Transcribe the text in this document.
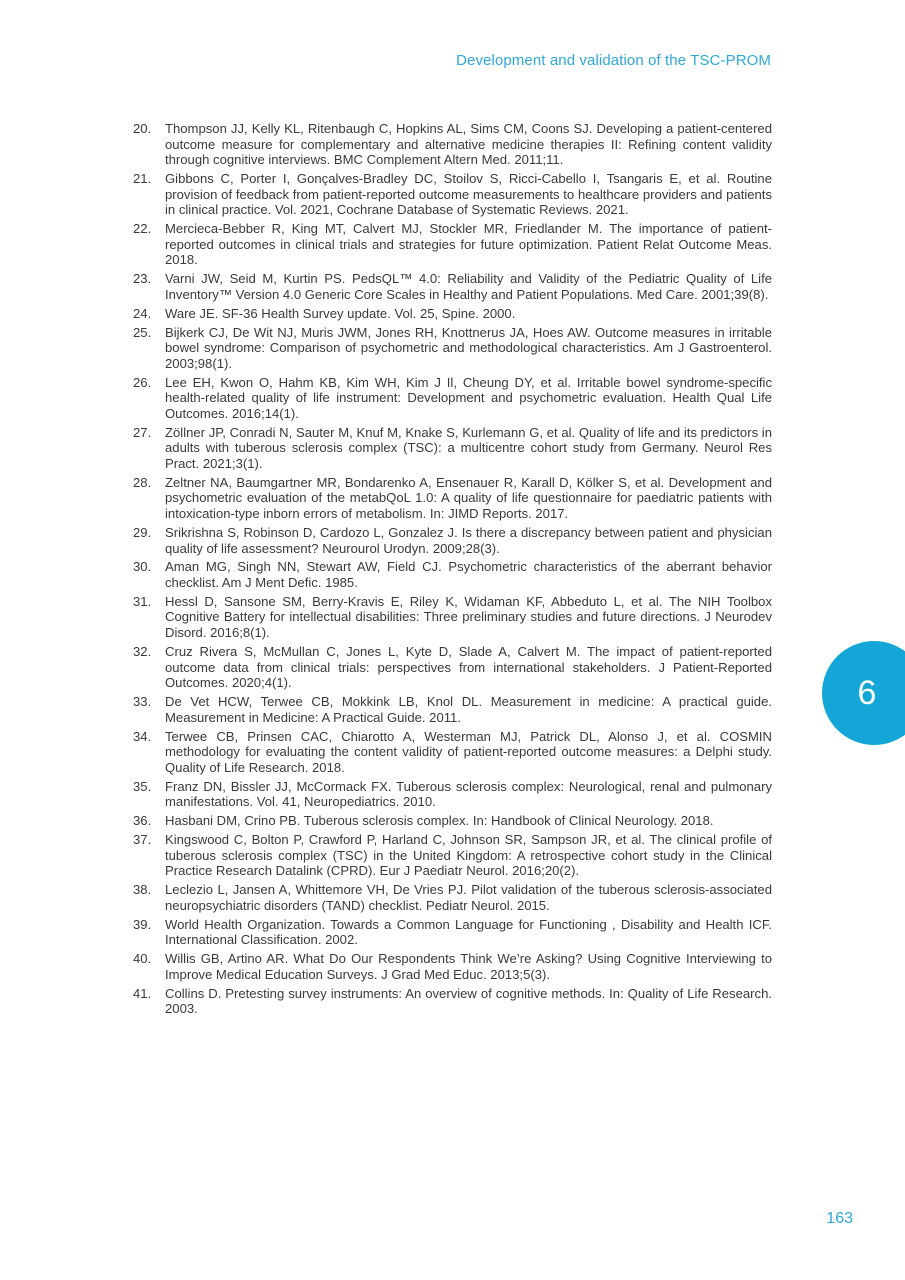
Development and validation of the TSC-PROM
20.	Thompson JJ, Kelly KL, Ritenbaugh C, Hopkins AL, Sims CM, Coons SJ. Developing a patient-centered outcome measure for complementary and alternative medicine therapies II: Refining content validity through cognitive interviews. BMC Complement Altern Med. 2011;11.
21.	Gibbons C, Porter I, Gonçalves-Bradley DC, Stoilov S, Ricci-Cabello I, Tsangaris E, et al. Routine provision of feedback from patient-reported outcome measurements to healthcare providers and patients in clinical practice. Vol. 2021, Cochrane Database of Systematic Reviews. 2021.
22.	Mercieca-Bebber R, King MT, Calvert MJ, Stockler MR, Friedlander M. The importance of patient-reported outcomes in clinical trials and strategies for future optimization. Patient Relat Outcome Meas. 2018.
23.	Varni JW, Seid M, Kurtin PS. PedsQL™ 4.0: Reliability and Validity of the Pediatric Quality of Life Inventory™ Version 4.0 Generic Core Scales in Healthy and Patient Populations. Med Care. 2001;39(8).
24.	Ware JE. SF-36 Health Survey update. Vol. 25, Spine. 2000.
25.	Bijkerk CJ, De Wit NJ, Muris JWM, Jones RH, Knottnerus JA, Hoes AW. Outcome measures in irritable bowel syndrome: Comparison of psychometric and methodological characteristics. Am J Gastroenterol. 2003;98(1).
26.	Lee EH, Kwon O, Hahm KB, Kim WH, Kim J Il, Cheung DY, et al. Irritable bowel syndrome-specific health-related quality of life instrument: Development and psychometric evaluation. Health Qual Life Outcomes. 2016;14(1).
27.	Zöllner JP, Conradi N, Sauter M, Knuf M, Knake S, Kurlemann G, et al. Quality of life and its predictors in adults with tuberous sclerosis complex (TSC): a multicentre cohort study from Germany. Neurol Res Pract. 2021;3(1).
28.	Zeltner NA, Baumgartner MR, Bondarenko A, Ensenauer R, Karall D, Kölker S, et al. Development and psychometric evaluation of the metabQoL 1.0: A quality of life questionnaire for paediatric patients with intoxication-type inborn errors of metabolism. In: JIMD Reports. 2017.
29.	Srikrishna S, Robinson D, Cardozo L, Gonzalez J. Is there a discrepancy between patient and physician quality of life assessment? Neurourol Urodyn. 2009;28(3).
30.	Aman MG, Singh NN, Stewart AW, Field CJ. Psychometric characteristics of the aberrant behavior checklist. Am J Ment Defic. 1985.
31.	Hessl D, Sansone SM, Berry-Kravis E, Riley K, Widaman KF, Abbeduto L, et al. The NIH Toolbox Cognitive Battery for intellectual disabilities: Three preliminary studies and future directions. J Neurodev Disord. 2016;8(1).
32.	Cruz Rivera S, McMullan C, Jones L, Kyte D, Slade A, Calvert M. The impact of patient-reported outcome data from clinical trials: perspectives from international stakeholders. J Patient-Reported Outcomes. 2020;4(1).
33.	De Vet HCW, Terwee CB, Mokkink LB, Knol DL. Measurement in medicine: A practical guide. Measurement in Medicine: A Practical Guide. 2011.
34.	Terwee CB, Prinsen CAC, Chiarotto A, Westerman MJ, Patrick DL, Alonso J, et al. COSMIN methodology for evaluating the content validity of patient-reported outcome measures: a Delphi study. Quality of Life Research. 2018.
35.	Franz DN, Bissler JJ, McCormack FX. Tuberous sclerosis complex: Neurological, renal and pulmonary manifestations. Vol. 41, Neuropediatrics. 2010.
36.	Hasbani DM, Crino PB. Tuberous sclerosis complex. In: Handbook of Clinical Neurology. 2018.
37.	Kingswood C, Bolton P, Crawford P, Harland C, Johnson SR, Sampson JR, et al. The clinical profile of tuberous sclerosis complex (TSC) in the United Kingdom: A retrospective cohort study in the Clinical Practice Research Datalink (CPRD). Eur J Paediatr Neurol. 2016;20(2).
38.	Leclezio L, Jansen A, Whittemore VH, De Vries PJ. Pilot validation of the tuberous sclerosis-associated neuropsychiatric disorders (TAND) checklist. Pediatr Neurol. 2015.
39.	World Health Organization. Towards a Common Language for Functioning , Disability and Health ICF. International Classification. 2002.
40.	Willis GB, Artino AR. What Do Our Respondents Think We’re Asking? Using Cognitive Interviewing to Improve Medical Education Surveys. J Grad Med Educ. 2013;5(3).
41.	Collins D. Pretesting survey instruments: An overview of cognitive methods. In: Quality of Life Research. 2003.
6
163
